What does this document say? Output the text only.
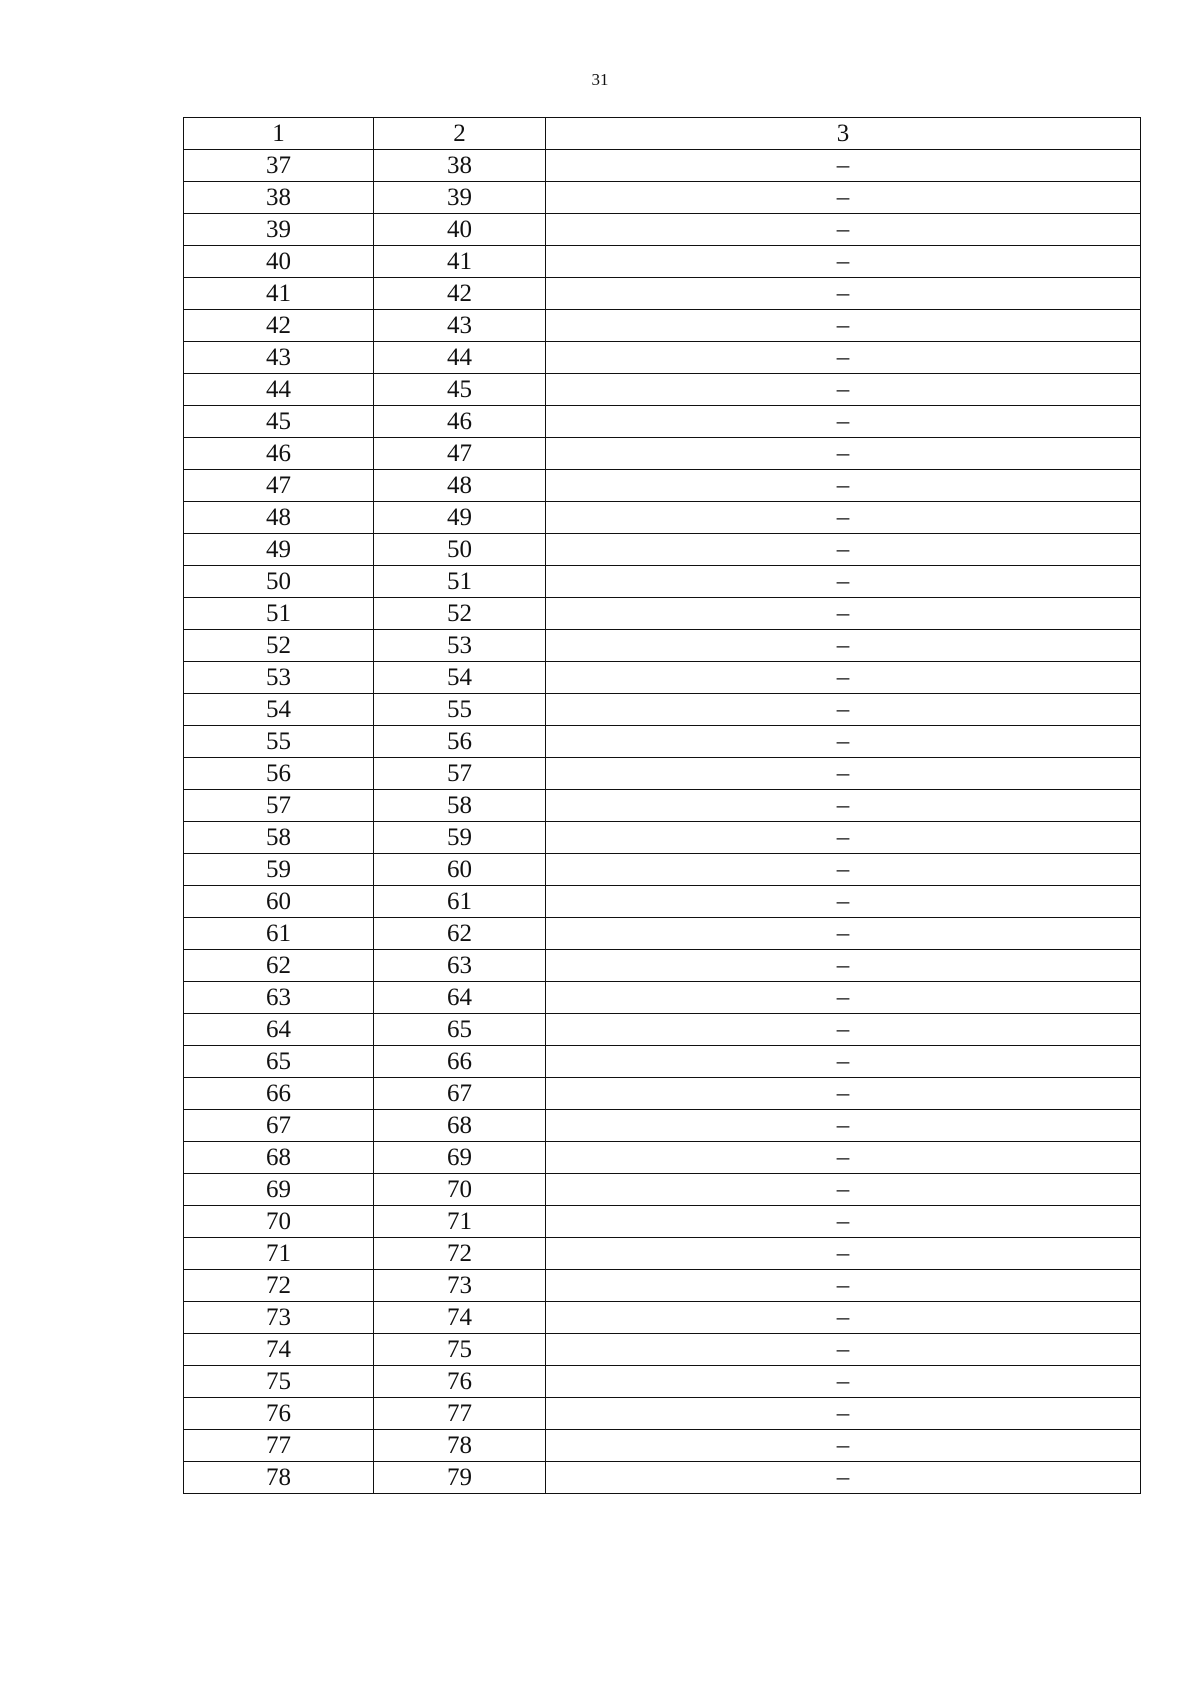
31
1	2	3
37	38	–
38	39	–
39	40	–
40	41	–
41	42	–
42	43	–
43	44	–
44	45	–
45	46	–
46	47	–
47	48	–
48	49	–
49	50	–
50	51	–
51	52	–
52	53	–
53	54	–
54	55	–
55	56	–
56	57	–
57	58	–
58	59	–
59	60	–
60	61	–
61	62	–
62	63	–
63	64	–
64	65	–
65	66	–
66	67	–
67	68	–
68	69	–
69	70	–
70	71	–
71	72	–
72	73	–
73	74	–
74	75	–
75	76	–
76	77	–
77	78	–
78	79	–
